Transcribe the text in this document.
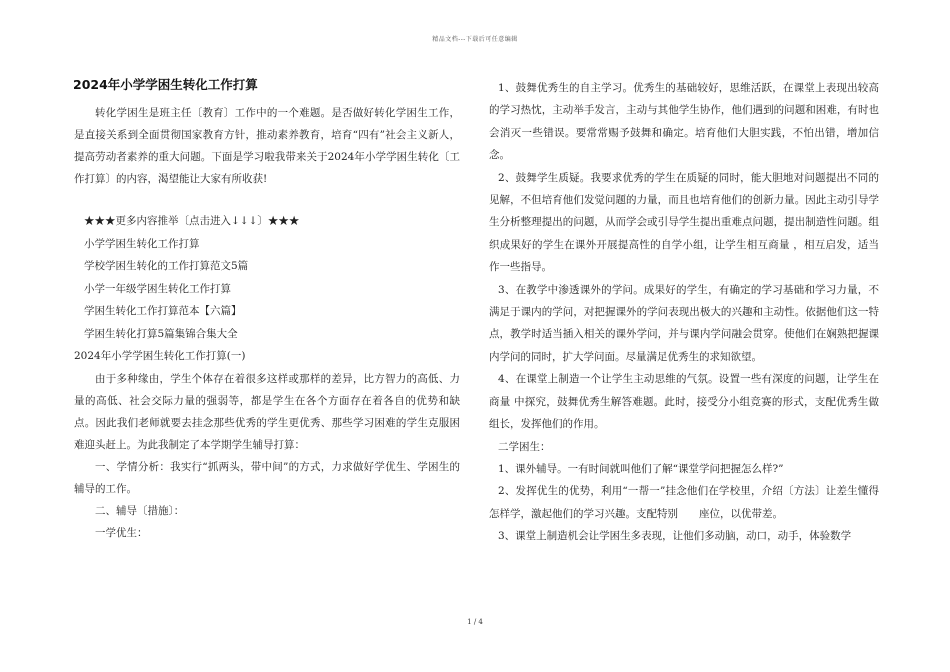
精品文档---下载后可任意编辑
2024年小学学困生转化工作打算

转化学困生是班主任〔教育〕工作中的一个难题。是否做好转化学困生工作，是直接关系到全面贯彻国家教育方针，推动素养教育，培育“四有”社会主义新人，提高劳动者素养的重大问题。下面是学习啦我带来关于2024年小学学困生转化〔工作打算〕的内容，渴望能让大家有所收获!

★★★更多内容推举〔点击进入↓↓↓〕★★★

小学学困生转化工作打算

学校学困生转化的工作打算范文5篇

小学一年级学困生转化工作打算

学困生转化工作打算范本【六篇】

学困生转化打算5篇集锦合集大全

2024年小学学困生转化工作打算(一)

由于多种缘由，学生个体存在着很多这样或那样的差异，比方智力的高低、力量的高低、社会交际力量的强弱等，都是学生在各个方面存在着各自的优势和缺点。因此我们老师就要去挂念那些优秀的学生更优秀、那些学习困难的学生克服困难迎头赶上。为此我制定了本学期学生辅导打算：

一、学情分析：我实行“抓两头，带中间”的方式，力求做好学优生、学困生的辅导的工作。

二、辅导〔措施〕：

一学优生：

1、鼓舞优秀生的自主学习。优秀生的基础较好，思维活跃，在课堂上表现出较高的学习热忱，主动举手发言，主动与其他学生协作，他们遇到的问题和困难，有时也会消灭一些错误。要常常赐予鼓舞和确定。培育他们大胆实践，不怕出错，增加信念。

2、鼓舞学生质疑。我要求优秀的学生在质疑的同时，能大胆地对问题提出不同的见解，不但培育他们发觉问题的力量，而且也培育他们的创新力量。因此主动引导学生分析整理提出的问题，从而学会或引导学生提出重难点问题，提出制造性问题。组织成果好的学生在课外开展提高性的自学小组，让学生相互商量 ，相互启发，适当作一些指导。

3、在教学中渗透课外的学问。成果好的学生，有确定的学习基础和学习力量，不满足于课内的学问，对把握课外的学问表现出极大的兴趣和主动性。依据他们这一特点，教学时适当插入相关的课外学问，并与课内学问融会贯穿。使他们在娴熟把握课内学问的同时，扩大学问面。尽量满足优秀生的求知欲望。

4、在课堂上制造一个让学生主动思维的气氛。设置一些有深度的问题，让学生在商量 中探究，鼓舞优秀生解答难题。此时，接受分小组竞赛的形式，支配优秀生做组长，发挥他们的作用。

二学困生：

1、课外辅导。一有时间就叫他们了解“课堂学问把握怎么样?”

2、发挥优生的优势，利用“一帮一”挂念他们在学校里，介绍〔方法〕让差生懂得怎样学，激起他们的学习兴趣。支配特别　　座位，以优带差。

3、课堂上制造机会让学困生多表现，让他们多动脑，动口，动手，体验数学

1 / 4
